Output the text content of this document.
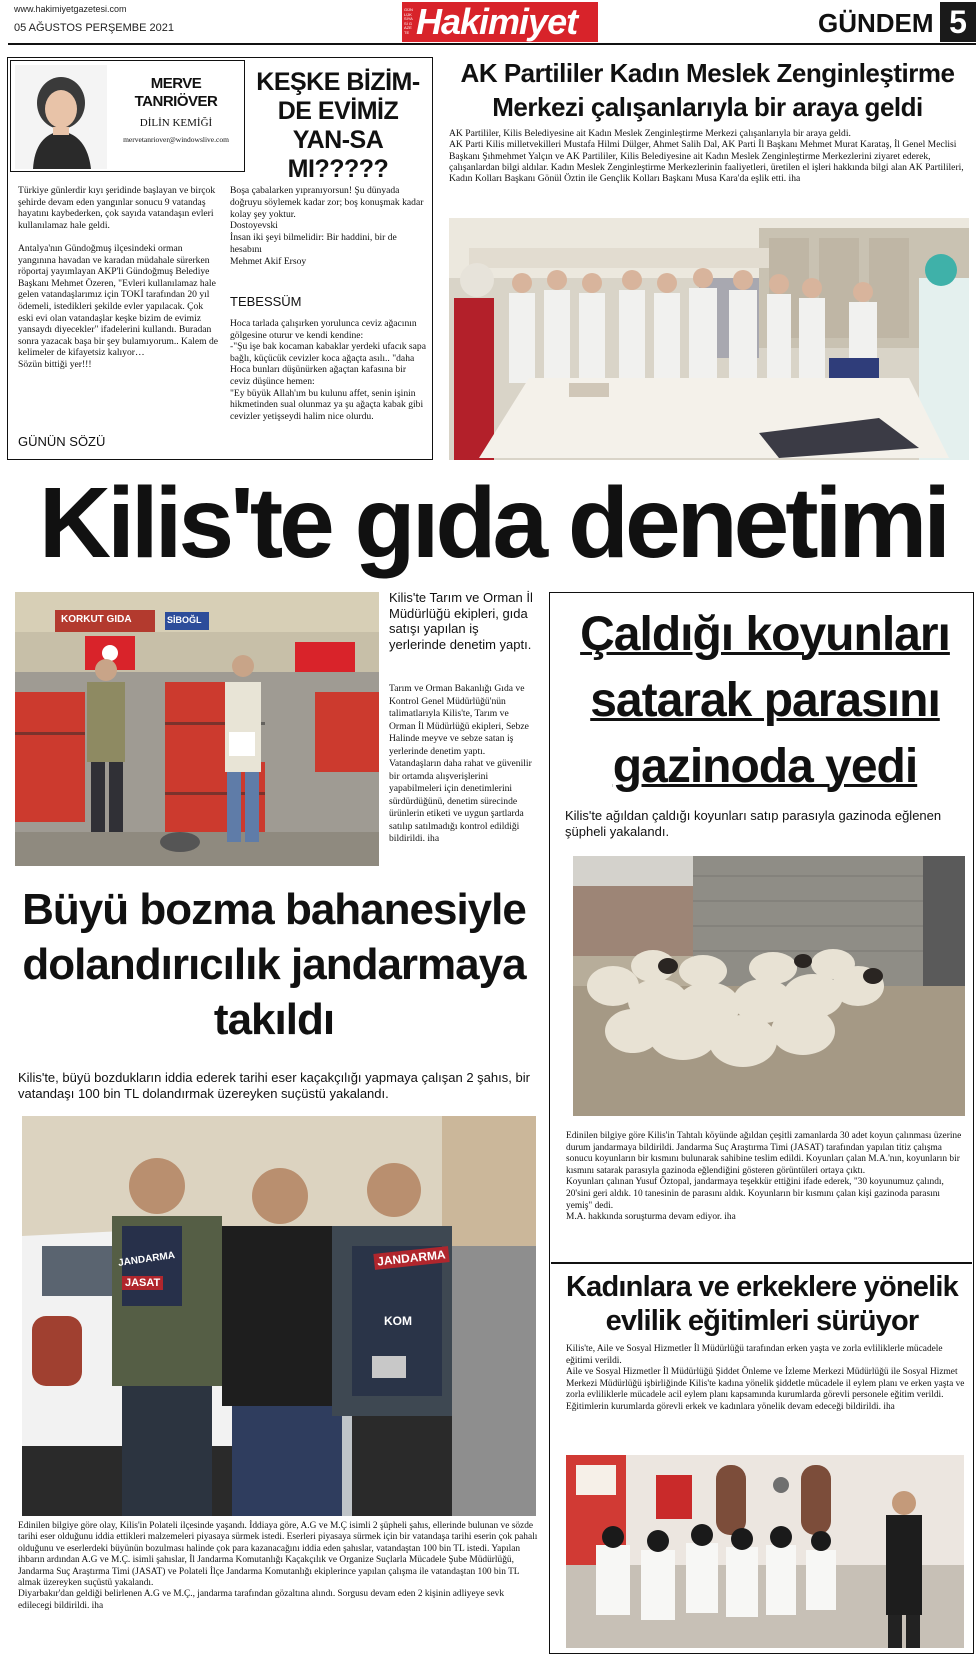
www.hakimiyetgazetesi.com
05 AĞUSTOS PERŞEMBE 2021
GÜNLÜK SİYASİ GAZETE Hakimiyet	GÜNDEM 5
MERVE
TANRIÖVER
DİLİN KEMİĞİ
mervetanriover@windowslive.com
KEŞKE BİZİM-DE EVİMİZ YAN-SA MI?????
Türkiye günlerdir kıyı şeridinde başlayan ve birçok şehirde devam eden yangınlar sonucu 9 vatandaş hayatını kaybederken, çok sayıda vatandaşın evleri kullanılamaz hale geldi.

Antalya'nın Gündoğmuş ilçesindeki orman yangınına havadan ve karadan müdahale sürerken röportaj yayımlayan AKP'li Gündoğmuş Belediye Başkanı Mehmet Özeren, "Evleri kullanılamaz hale gelen vatandaşlarımız için TOKİ tarafından 20 yıl ödemeli, istedikleri şekilde evler yapılacak. Çok eski evi olan vatandaşlar keşke bizim de evimiz yansaydı diyecekler" ifadelerini kullandı. Buradan sonra yazacak başa bir şey bulamıyorum.. Kalem de kelimeler de kifayetsiz kalıyor…
Sözün bittiği yer!!!
GÜNÜN SÖZÜ
Boşa çabalarken yıpranıyorsun! Şu dünyada doğruyu söylemek kadar zor; boş konuşmak kadar kolay şey yoktur.
Dostoyevski
İnsan iki şeyi bilmelidir: Bir haddini, bir de hesabını
Mehmet Akif Ersoy
TEBESSÜM
Hoca tarlada çalışırken yorulunca ceviz ağacının gölgesine oturur ve kendi kendine:
-"Şu işe bak kocaman kabaklar yerdeki ufacık sapa bağlı, küçücük cevizler koca ağaçta asılı.. "daha Hoca bunları düşünürken ağaçtan kafasına bir ceviz düşünce hemen:
"Ey büyük Allah'ım bu kulunu affet, senin işinin hikmetinden sual olunmaz ya şu ağaçta kabak gibi cevizler yetişseydi halim nice olurdu.
AK Partililer Kadın Meslek Zenginleştirme Merkezi çalışanlarıyla bir araya geldi
AK Partililer, Kilis Belediyesine ait Kadın Meslek Zenginleştirme Merkezi çalışanlarıyla bir araya geldi.
AK Parti Kilis milletvekilleri Mustafa Hilmi Dülger, Ahmet Salih Dal, AK Parti İl Başkanı Mehmet Murat Karataş, İl Genel Meclisi Başkanı Şıhmehmet Yalçın ve AK Partililer, Kilis Belediyesine ait Kadın Meslek Zenginleştirme Merkezlerini ziyaret ederek, çalışanlardan bilgi aldılar. Kadın Meslek Zenginleştirme Merkezlerinin faaliyetleri, üretilen el işleri hakkında bilgi alan AK Partilileri, Kadın Kolları Başkanı Gönül Öztin ile Gençlik Kolları Başkanı Musa Kara'da eşlik etti. iha
Kilis'te gıda denetimi
KORKUT GIDA	SİBOĞL
Kilis'te Tarım ve Orman İl Müdürlüğü ekipleri, gıda satışı yapılan iş yerlerinde denetim yaptı.
Tarım ve Orman Bakanlığı Gıda ve Kontrol Genel Müdürlüğü'nün talimatlarıyla Kilis'te, Tarım ve Orman İl Müdürlüğü ekipleri, Sebze Halinde meyve ve sebze satan iş yerlerinde denetim yaptı. Vatandaşların daha rahat ve güvenilir bir ortamda alışverişlerini yapabilmeleri için denetimlerini sürdürdüğünü, denetim sürecinde ürünlerin etiketi ve uygun şartlarda satılıp satılmadığı kontrol edildiği bildirildi. iha
Büyü bozma bahanesiyle dolandırıcılık jandarmaya takıldı
Kilis'te, büyü bozdukların iddia ederek tarihi eser kaçakçılığı yapmaya çalışan 2 şahıs, bir vatandaşı 100 bin TL dolandırmak üzereyken suçüstü yakalandı.
JANDARMA
JASAT
JANDARMA
KOM
Edinilen bilgiye göre olay, Kilis'in Polateli ilçesinde yaşandı. İddiaya göre, A.G ve M.Ç isimli 2 şüpheli şahıs, ellerinde bulunan ve sözde tarihi eser olduğunu iddia ettikleri malzemeleri piyasaya sürmek istedi. Eserleri piyasaya sürmek için bir vatandaşa tarihi eserin çok pahalı olduğunu ve eserlerdeki büyünün bozulması halinde çok para kazanacağını iddia eden şahıslar, vatandaştan 100 bin TL istedi. Yapılan ihbarın ardından A.G ve M.Ç. isimli şahıslar, İl Jandarma Komutanlığı Kaçakçılık ve Organize Suçlarla Mücadele Şube Müdürlüğü, Jandarma Suç Araştırma Timi (JASAT) ve Polateli İlçe Jandarma Komutanlığı ekiplerince yapılan çalışma ile vatandaştan 100 bin TL almak üzereyken suçüstü yakalandı.
Diyarbakır'dan geldiği belirlenen A.G ve M.Ç., jandarma tarafından gözaltına alındı. Sorgusu devam eden 2 kişinin adliyeye sevk edilecegi bildirildi. iha
Çaldığı koyunları satarak parasını gazinoda yedi
Kilis'te ağıldan çaldığı koyunları satıp parasıyla gazinoda eğlenen şüpheli yakalandı.
Edinilen bilgiye göre Kilis'in Tahtalı köyünde ağıldan çeşitli zamanlarda 30 adet koyun çalınması üzerine durum jandarmaya bildirildi. Jandarma Suç Araştırma Timi (JASAT) tarafından yapılan titiz çalışma sonucu koyunların bir kısmını bulunarak sahibine teslim edildi. Koyunları çalan M.A.'nın, koyunların bir kısmını satarak parasıyla gazinoda eğlendiğini gösteren görüntüleri ortaya çıktı.
Koyunları çalınan Yusuf Öztopal, jandarmaya teşekkür ettiğini ifade ederek, "30 koyunumuz çalındı, 20'sini geri aldık. 10 tanesinin de parasını aldık. Koyunların bir kısmını çalan kişi gazinoda parasını yemiş" dedi.
M.A. hakkında soruşturma devam ediyor. iha
Kadınlara ve erkeklere yönelik evlilik eğitimleri sürüyor
Kilis'te, Aile ve Sosyal Hizmetler İl Müdürlüğü tarafından erken yaşta ve zorla evliliklerle mücadele eğitimi verildi.
Aile ve Sosyal Hizmetler İl Müdürlüğü Şiddet Önleme ve İzleme Merkezi Müdürlüğü ile Sosyal Hizmet Merkezi Müdürlüğü işbirliğinde Kilis'te kadına yönelik şiddetle mücadele il eylem planı ve erken yaşta ve zorla evliliklerle mücadele acil eylem planı kapsamında kurumlarda görevli personele eğitim verildi.
Eğitimlerin kurumlarda görevli erkek ve kadınlara yönelik devam edeceği bildirildi. iha
